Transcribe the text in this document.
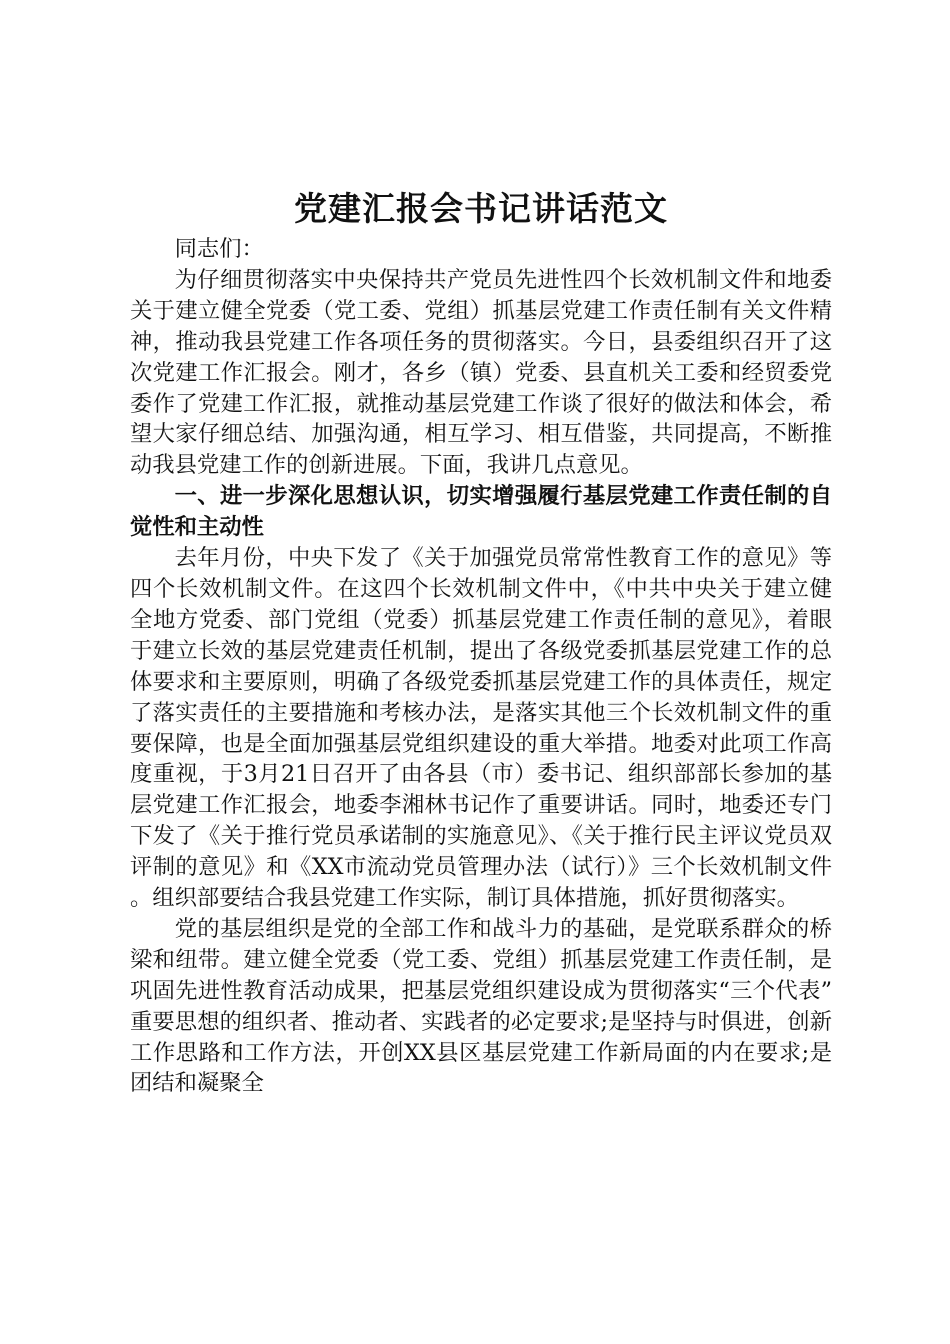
党建汇报会书记讲话范文

同志们：

为仔细贯彻落实中央保持共产党员先进性四个长效机制文件和地委关于建立健全党委（党工委、党组）抓基层党建工作责任制有关文件精神，推动我县党建工作各项任务的贯彻落实。今日，县委组织召开了这次党建工作汇报会。刚才，各乡（镇）党委、县直机关工委和经贸委党委作了党建工作汇报，就推动基层党建工作谈了很好的做法和体会，希望大家仔细总结、加强沟通，相互学习、相互借鉴，共同提高，不断推动我县党建工作的创新进展。下面，我讲几点意见。

一、进一步深化思想认识，切实增强履行基层党建工作责任制的自觉性和主动性

去年月份，中央下发了《关于加强党员常常性教育工作的意见》等四个长效机制文件。在这四个长效机制文件中，《中共中央关于建立健全地方党委、部门党组（党委）抓基层党建工作责任制的意见》，着眼于建立长效的基层党建责任机制，提出了各级党委抓基层党建工作的总体要求和主要原则，明确了各级党委抓基层党建工作的具体责任，规定了落实责任的主要措施和考核办法，是落实其他三个长效机制文件的重要保障，也是全面加强基层党组织建设的重大举措。地委对此项工作高度重视，于3月21日召开了由各县（市）委书记、组织部部长参加的基层党建工作汇报会，地委李湘林书记作了重要讲话。同时，地委还专门下发了《关于推行党员承诺制的实施意见》、《关于推行民主评议党员双评制的意见》和《XX市流动党员管理办法（试行）》三个长效机制文件。组织部要结合我县党建工作实际，制订具体措施，抓好贯彻落实。

党的基层组织是党的全部工作和战斗力的基础，是党联系群众的桥梁和纽带。建立健全党委（党工委、党组）抓基层党建工作责任制，是巩固先进性教育活动成果，把基层党组织建设成为贯彻落实“三个代表”重要思想的组织者、推动者、实践者的必定要求;是坚持与时俱进，创新工作思路和工作方法，开创XX县区基层党建工作新局面的内在要求;是团结和凝聚全
